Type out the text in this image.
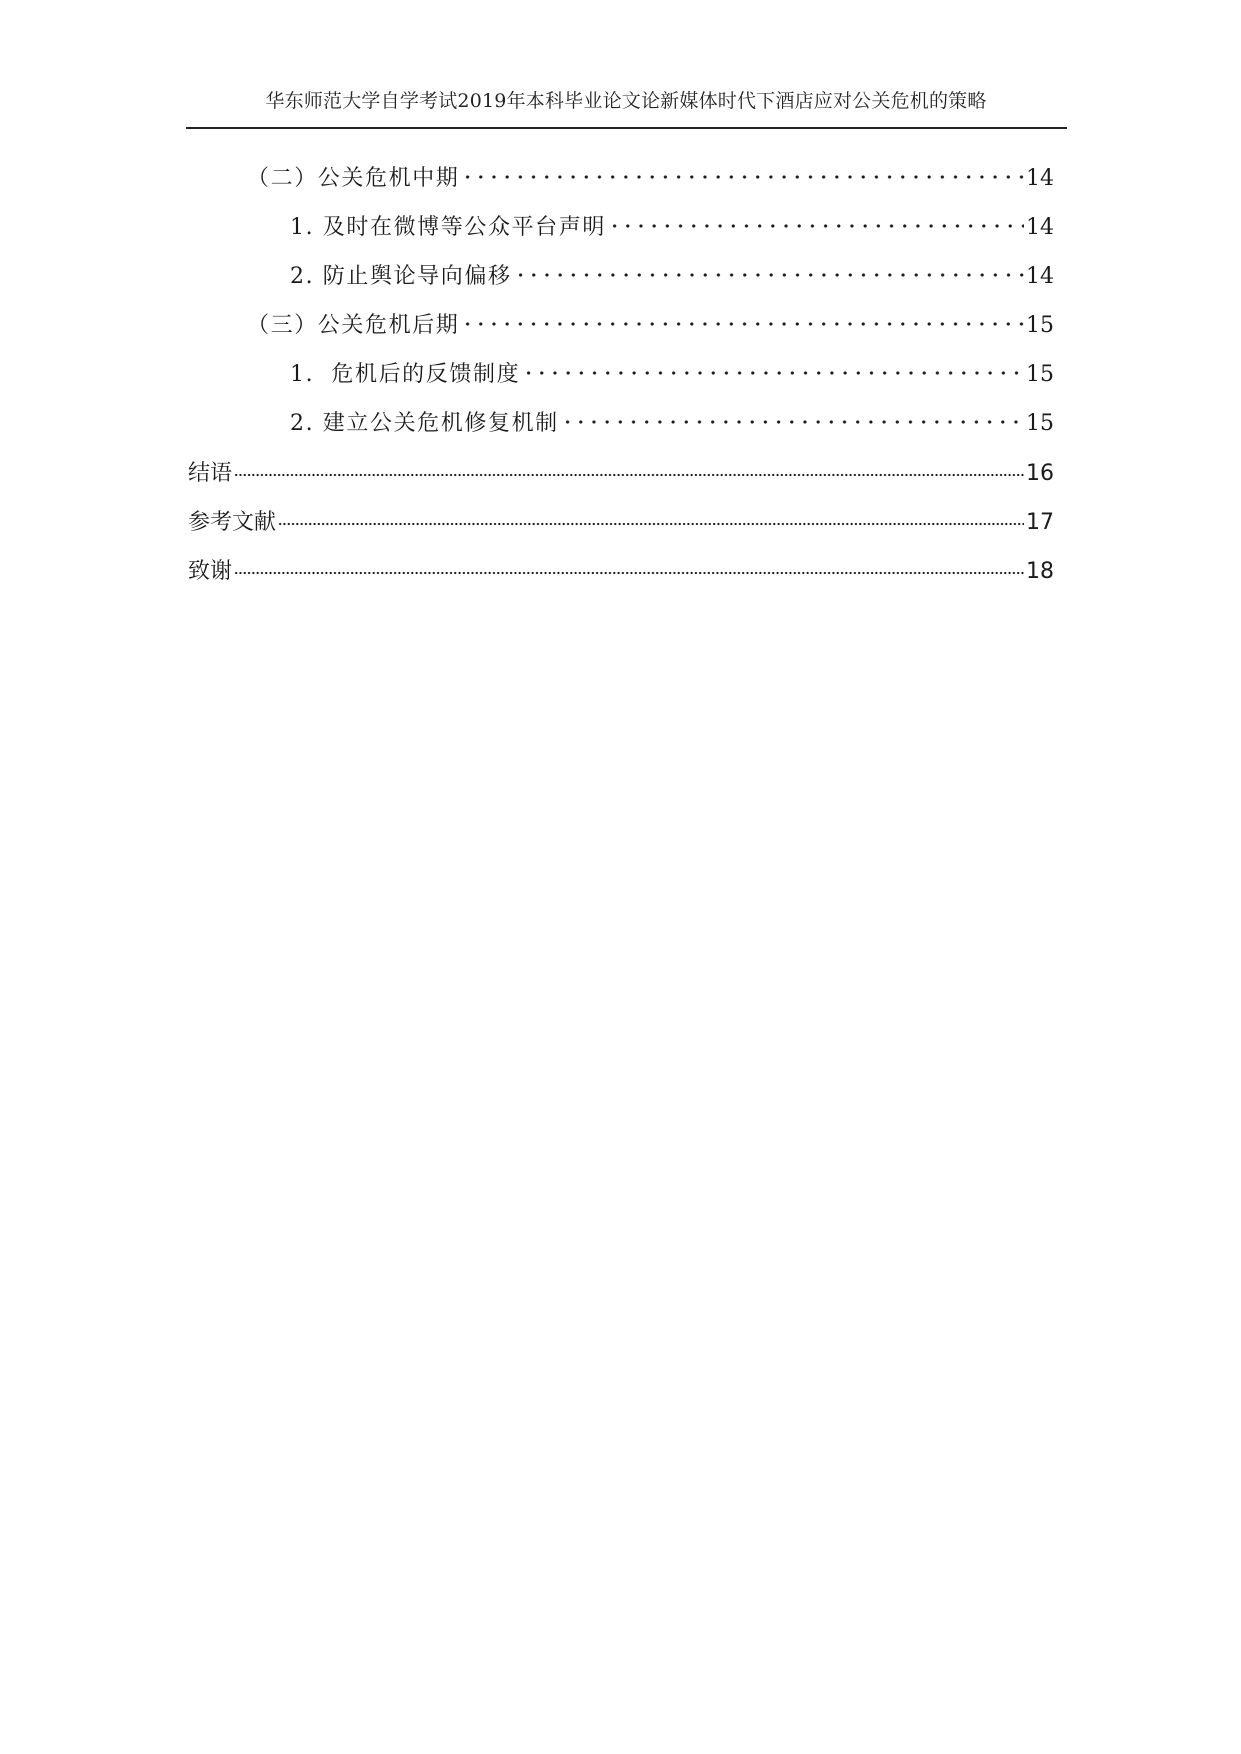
华东师范大学自学考试2019年本科毕业论文论新媒体时代下酒店应对公关危机的策略
（二）公关危机中期	14
1. 及时在微博等公众平台声明	14
2. 防止舆论导向偏移	14
（三）公关危机后期	15
1.  危机后的反馈制度	15
2. 建立公关危机修复机制	15
结语	16
参考文献	17
致谢	18
